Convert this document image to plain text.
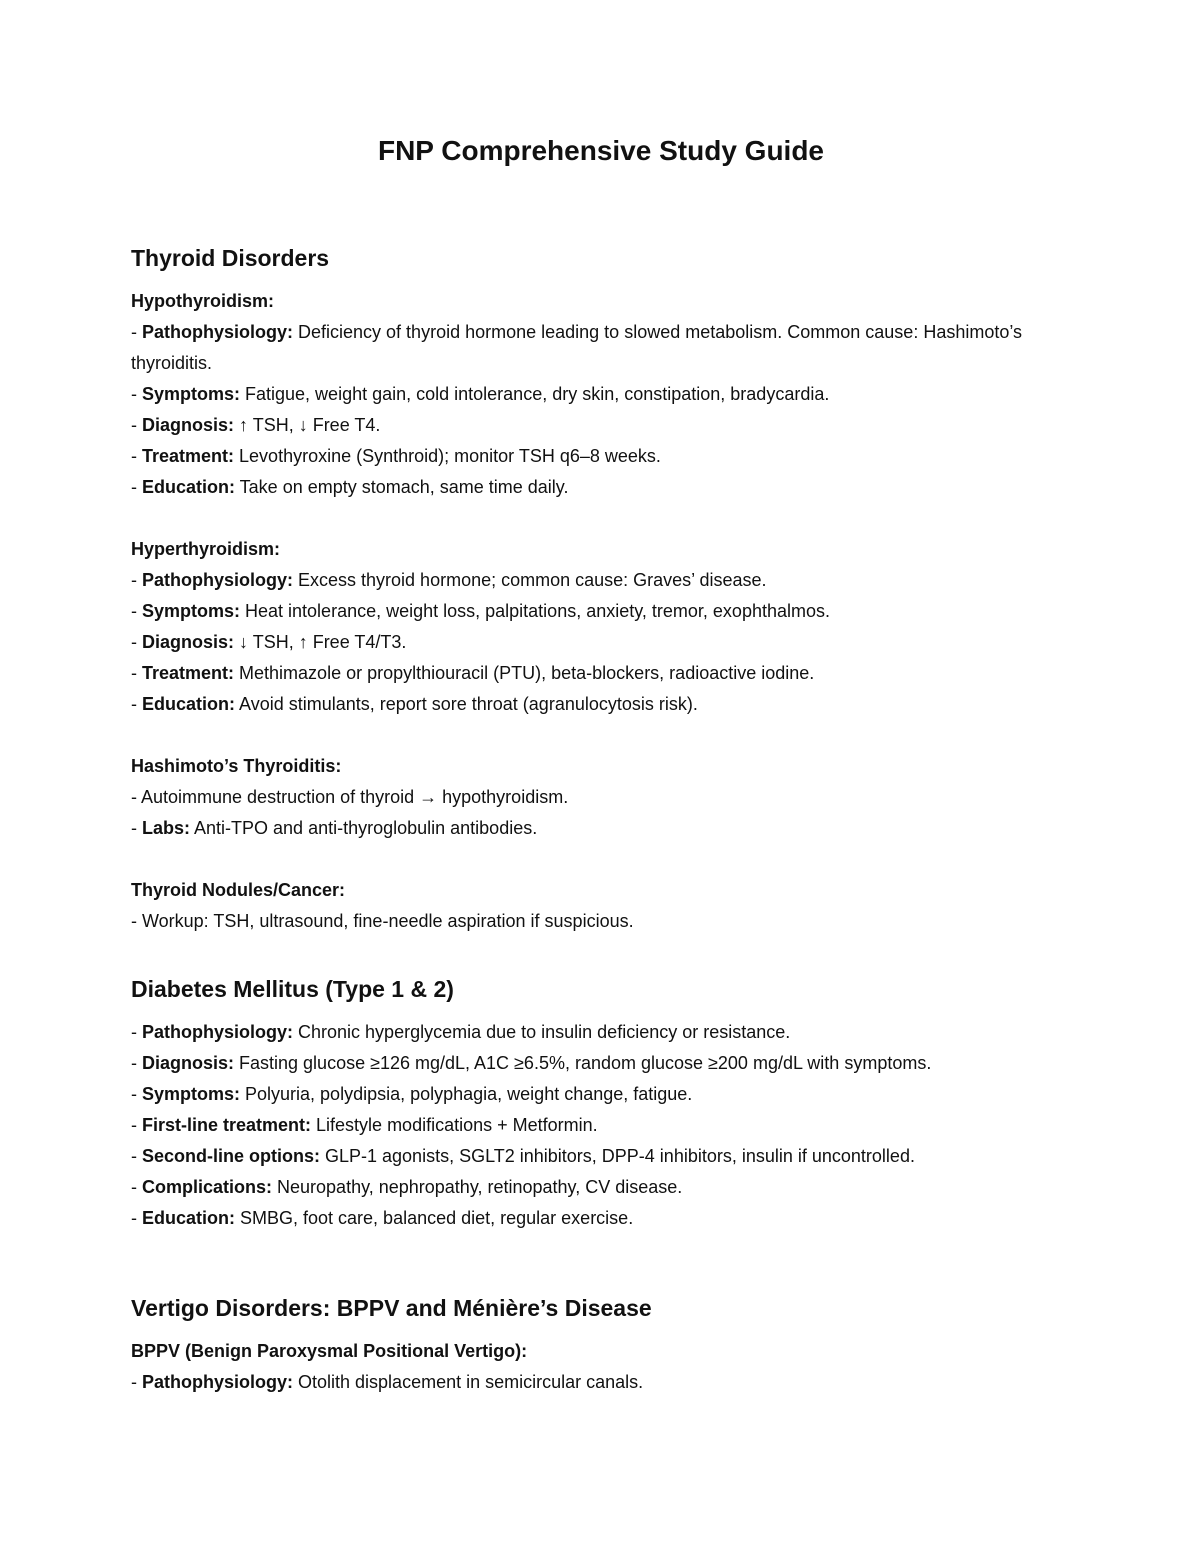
FNP Comprehensive Study Guide
Thyroid Disorders

Hypothyroidism:

- Pathophysiology: Deficiency of thyroid hormone leading to slowed metabolism. Common cause: Hashimoto’s thyroiditis.

- Symptoms: Fatigue, weight gain, cold intolerance, dry skin, constipation, bradycardia.

- Diagnosis: ↑ TSH, ↓ Free T4.

- Treatment: Levothyroxine (Synthroid); monitor TSH q6–8 weeks.

- Education: Take on empty stomach, same time daily.

Hyperthyroidism:

- Pathophysiology: Excess thyroid hormone; common cause: Graves’ disease.

- Symptoms: Heat intolerance, weight loss, palpitations, anxiety, tremor, exophthalmos.

- Diagnosis: ↓ TSH, ↑ Free T4/T3.

- Treatment: Methimazole or propylthiouracil (PTU), beta-blockers, radioactive iodine.

- Education: Avoid stimulants, report sore throat (agranulocytosis risk).

Hashimoto’s Thyroiditis:

- Autoimmune destruction of thyroid → hypothyroidism.

- Labs: Anti-TPO and anti-thyroglobulin antibodies.

Thyroid Nodules/Cancer:

- Workup: TSH, ultrasound, fine-needle aspiration if suspicious.

Diabetes Mellitus (Type 1 & 2)

- Pathophysiology: Chronic hyperglycemia due to insulin deficiency or resistance.

- Diagnosis: Fasting glucose ≥126 mg/dL, A1C ≥6.5%, random glucose ≥200 mg/dL with symptoms.

- Symptoms: Polyuria, polydipsia, polyphagia, weight change, fatigue.

- First-line treatment: Lifestyle modifications + Metformin.

- Second-line options: GLP-1 agonists, SGLT2 inhibitors, DPP-4 inhibitors, insulin if uncontrolled.

- Complications: Neuropathy, nephropathy, retinopathy, CV disease.

- Education: SMBG, foot care, balanced diet, regular exercise.

Vertigo Disorders: BPPV and Ménière’s Disease

BPPV (Benign Paroxysmal Positional Vertigo):

- Pathophysiology: Otolith displacement in semicircular canals.
